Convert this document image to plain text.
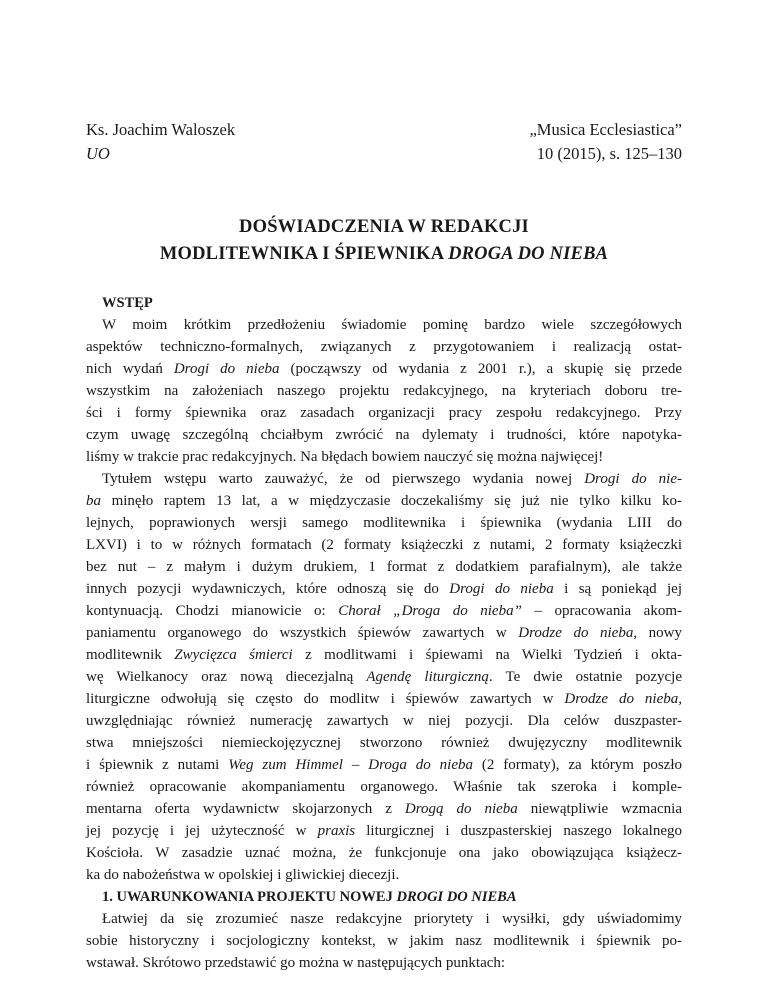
Ks. Joachim Waloszek
UO
„Musica Ecclesiastica”
10 (2015), s. 125–130
DOŚWIADCZENIA W REDAKCJI
MODLITEWNIKA I ŚPIEWNIKA DROGA DO NIEBA
WSTĘP
W moim krótkim przedłożeniu świadomie pominę bardzo wiele szczegółowych
aspektów techniczno-formalnych, związanych z przygotowaniem i realizacją ostat-
nich wydań Drogi do nieba (począwszy od wydania z 2001 r.), a skupię się przede
wszystkim na założeniach naszego projektu redakcyjnego, na kryteriach doboru tre-
ści i formy śpiewnika oraz zasadach organizacji pracy zespołu redakcyjnego. Przy
czym uwagę szczególną chciałbym zwrócić na dylematy i trudności, które napotyka-
liśmy w trakcie prac redakcyjnych. Na błędach bowiem nauczyć się można najwięcej!
Tytułem wstępu warto zauważyć, że od pierwszego wydania nowej Drogi do nie-
ba minęło raptem 13 lat, a w międzyczasie doczekaliśmy się już nie tylko kilku ko-
lejnych, poprawionych wersji samego modlitewnika i śpiewnika (wydania LIII do
LXVI) i to w różnych formatach (2 formaty książeczki z nutami, 2 formaty książeczki
bez nut – z małym i dużym drukiem, 1 format z dodatkiem parafialnym), ale także
innych pozycji wydawniczych, które odnoszą się do Drogi do nieba i są poniekąd jej
kontynuacją. Chodzi mianowicie o: Chorał „Droga do nieba” – opracowania akom-
paniamentu organowego do wszystkich śpiewów zawartych w Drodze do nieba, nowy
modlitewnik Zwycięzca śmierci z modlitwami i śpiewami na Wielki Tydzień i okta-
wę Wielkanocy oraz nową diecezjalną Agendę liturgiczną. Te dwie ostatnie pozycje
liturgiczne odwołują się często do modlitw i śpiewów zawartych w Drodze do nieba,
uwzględniając również numerację zawartych w niej pozycji. Dla celów duszpaster-
stwa mniejszości niemieckojęzycznej stworzono również dwujęzyczny modlitewnik
i śpiewnik z nutami Weg zum Himmel – Droga do nieba (2 formaty), za którym poszło
również opracowanie akompaniamentu organowego. Właśnie tak szeroka i komple-
mentarna oferta wydawnictw skojarzonych z Drogą do nieba niewątpliwie wzmacnia
jej pozycję i jej użyteczność w praxis liturgicznej i duszpasterskiej naszego lokalnego
Kościoła. W zasadzie uznać można, że funkcjonuje ona jako obowiązująca książecz-
ka do nabożeństwa w opolskiej i gliwickiej diecezji.
1. UWARUNKOWANIA PROJEKTU NOWEJ DROGI DO NIEBA
Łatwiej da się zrozumieć nasze redakcyjne priorytety i wysiłki, gdy uświadomimy
sobie historyczny i socjologiczny kontekst, w jakim nasz modlitewnik i śpiewnik po-
wstawał. Skrótowo przedstawić go można w następujących punktach:
